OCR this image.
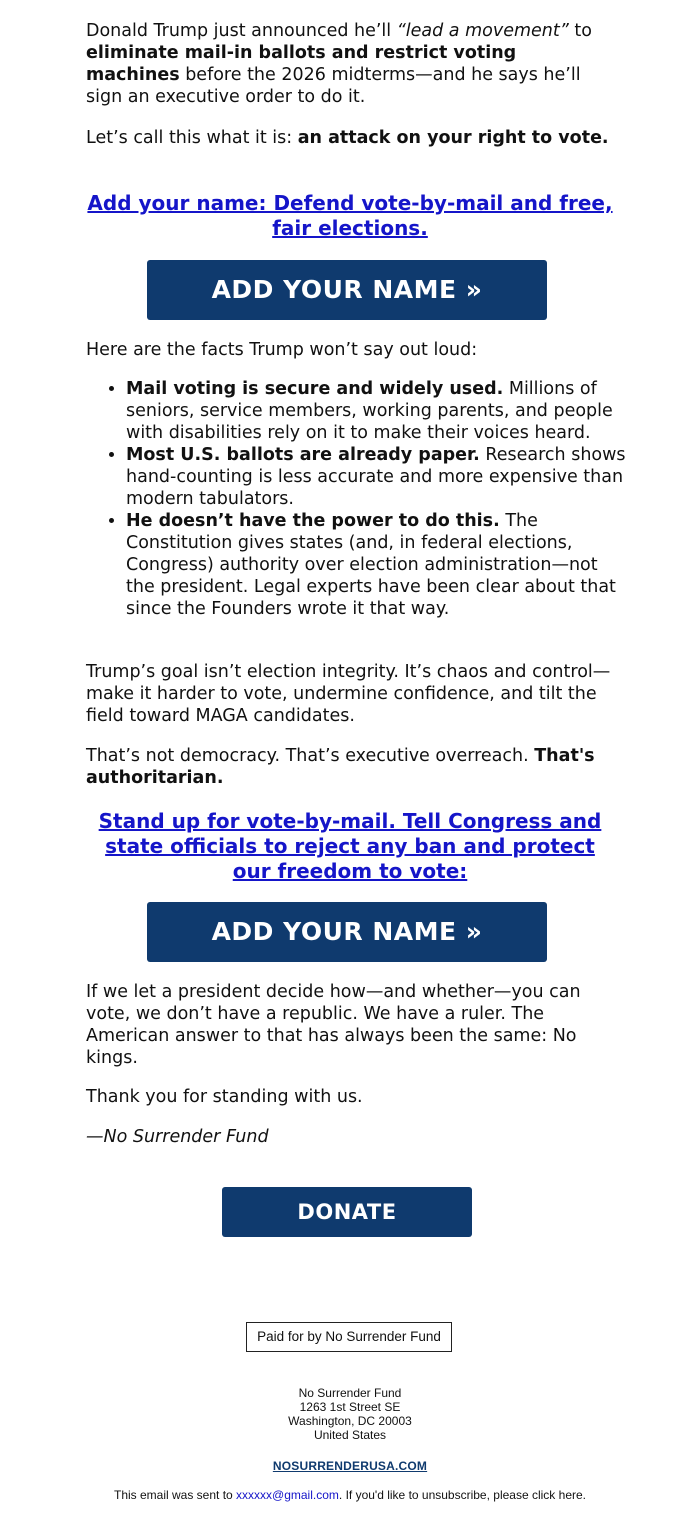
Donald Trump just announced he’ll “lead a movement” to eliminate mail-in ballots and restrict voting machines before the 2026 midterms—and he says he’ll sign an executive order to do it.

Let’s call this what it is: an attack on your right to vote.

Add your name: Defend vote-by-mail and free, fair elections.
ADD YOUR NAME »

Here are the facts Trump won’t say out loud:

• Mail voting is secure and widely used. Millions of seniors, service members, working parents, and people with disabilities rely on it to make their voices heard.
• Most U.S. ballots are already paper. Research shows hand-counting is less accurate and more expensive than modern tabulators.
• He doesn’t have the power to do this. The Constitution gives states (and, in federal elections, Congress) authority over election administration—not the president. Legal experts have been clear about that since the Founders wrote it that way.

Trump’s goal isn’t election integrity. It’s chaos and control—make it harder to vote, undermine confidence, and tilt the field toward MAGA candidates.

That’s not democracy. That’s executive overreach. That's authoritarian.

Stand up for vote-by-mail. Tell Congress and state officials to reject any ban and protect our freedom to vote:
ADD YOUR NAME »

If we let a president decide how—and whether—you can vote, we don’t have a republic. We have a ruler. The American answer to that has always been the same: No kings.

Thank you for standing with us.

—No Surrender Fund

DONATE
Paid for by No Surrender Fund
No Surrender Fund
1263 1st Street SE
Washington, DC 20003
United States
NOSURRENDERUSA.COM
This email was sent to xxxxxx@gmail.com. If you'd like to unsubscribe, please click here.
